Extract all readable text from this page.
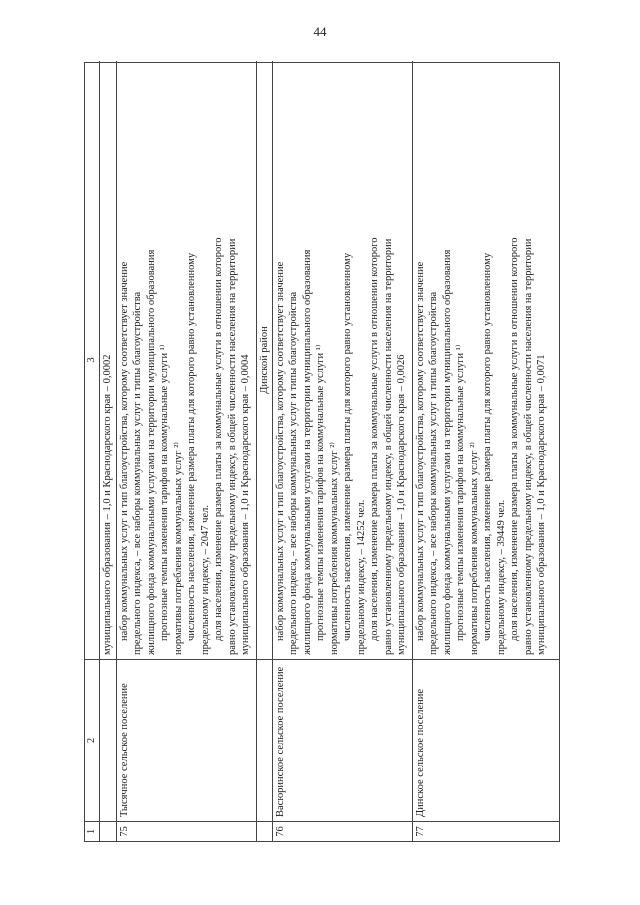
44
1
2
3 муниципального образования – 1,0 и Краснодарского края – 0,0002
75
Тысячное сельское поселение
набор коммунальных услуг и тип благоустройства, которому соответствует значение предельного индекса, – все наборы коммунальных услуг и типы благоустройства жилищного фонда коммунальными услугами на территории муниципального образования прогнозные темпы изменения тарифов на коммунальные услуги ¹⁾ нормативы потребления коммунальных услуг ²⁾ численность населения, изменение размера платы для которого равно установленному предельному индексу, – 2047 чел. доля населения, изменение размера платы за коммунальные услуги в отношении которого равно установленному предельному индексу, в общей численности населения на территории муниципального образования – 1,0 и Краснодарского края – 0,0004 Динской район
76
Васюринское сельское поселение
набор коммунальных услуг и тип благоустройства, которому соответствует значение предельного индекса, – все наборы коммунальных услуг и типы благоустройства жилищного фонда коммунальными услугами на территории муниципального образования прогнозные темпы изменения тарифов на коммунальные услуги ¹⁾ нормативы потребления коммунальных услуг ²⁾ численность населения, изменение размера платы для которого равно установленному предельному индексу, – 14252 чел. доля населения, изменение размера платы за коммунальные услуги в отношении которого равно установленному предельному индексу, в общей численности населения на территории муниципального образования – 1,0 и Краснодарского края – 0,0026
77
Динское сельское поселение
набор коммунальных услуг и тип благоустройства, которому соответствует значение предельного индекса, – все наборы коммунальных услуг и типы благоустройства жилищного фонда коммунальными услугами на территории муниципального образования прогнозные темпы изменения тарифов на коммунальные услуги ¹⁾ нормативы потребления коммунальных услуг ²⁾ численность населения, изменение размера платы для которого равно установленному предельному индексу, – 39449 чел. доля населения, изменение размера платы за коммунальные услуги в отношении которого равно установленному предельному индексу, в общей численности населения на территории муниципального образования – 1,0 и Краснодарского края – 0,0071
